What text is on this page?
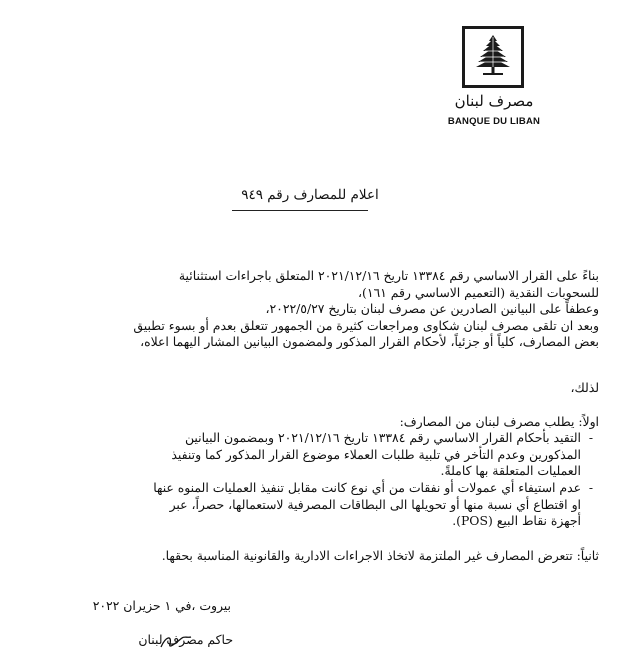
مصرف لبنان
BANQUE DU LIBAN
اعلام للمصارف رقم ٩٤٩
بناءً على القرار الاساسي رقم ١٣٣٨٤ تاريخ ٢٠٢١/١٢/١٦ المتعلق باجراءات استثنائية
للسحوبات النقدية (التعميم الاساسي رقم ١٦١)،
وعطفاً على البيانين الصادرين عن مصرف لبنان بتاريخ ٢٠٢٢/٥/٢٧،
وبعد ان تلقى مصرف لبنان شكاوى ومراجعات كثيرة من الجمهور تتعلق بعدم أو بسوء تطبيق
بعض المصارف، كلياً أو جزئياً، لأحكام القرار المذكور ولمضمون البيانين المشار اليهما اعلاه،
لذلك،
اولاً: يطلب مصرف لبنان من المصارف:
-
التقيد بأحكام القرار الاساسي رقم ١٣٣٨٤ تاريخ ٢٠٢١/١٢/١٦ وبمضمون البيانين
المذكورين وعدم التأخر في تلبية طلبات العملاء موضوع القرار المذكور كما وتنفيذ
العمليات المتعلقة بها كاملةً.
-
عدم استيفاء أي عمولات أو نفقات من أي نوع كانت مقابل تنفيذ العمليات المنوه عنها
او اقتطاع أي نسبة منها أو تحويلها الى البطاقات المصرفية لاستعمالها، حصراً، عبر
أجهزة نقاط البيع (POS).
ثانياً: تتعرض المصارف غير الملتزمة لاتخاذ الاجراءات الادارية والقانونية المناسبة بحقها.
بيروت ،في ١ حزيران ٢٠٢٢
حاكم مصرف لبنان
